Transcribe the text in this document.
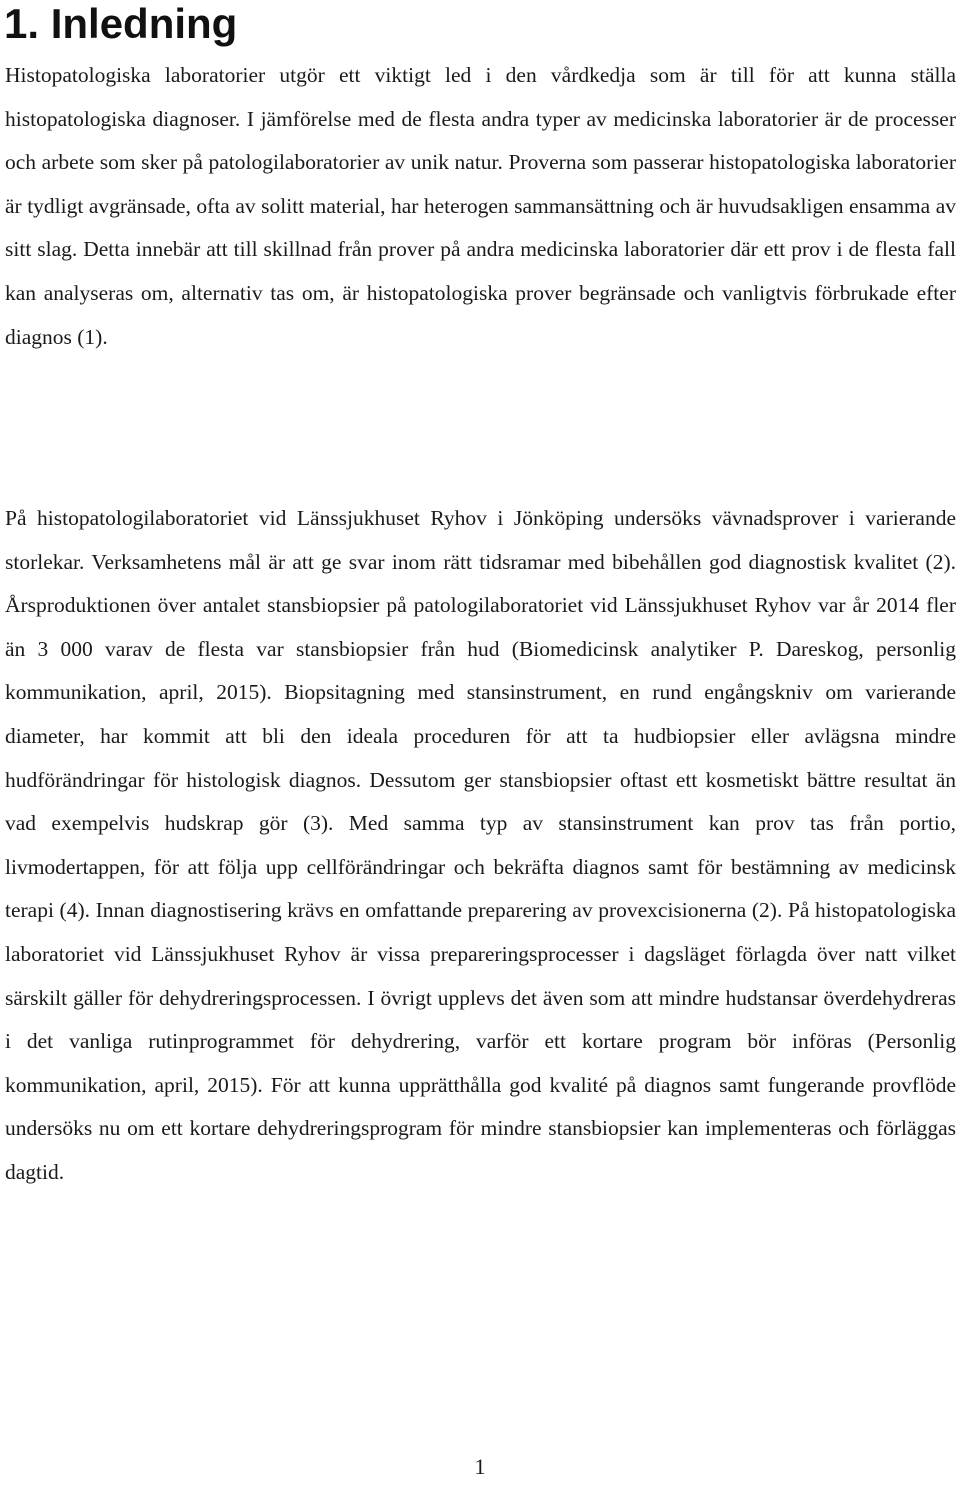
1. Inledning

Histopatologiska laboratorier utgör ett viktigt led i den vårdkedja som är till för att kunna ställa histopatologiska diagnoser. I jämförelse med de flesta andra typer av medicinska laboratorier är de processer och arbete som sker på patologilaboratorier av unik natur. Proverna som passerar histopatologiska laboratorier är tydligt avgränsade, ofta av solitt material, har heterogen sammansättning och är huvudsakligen ensamma av sitt slag. Detta innebär att till skillnad från prover på andra medicinska laboratorier där ett prov i de flesta fall kan analyseras om, alternativ tas om, är histopatologiska prover begränsade och vanligtvis förbrukade efter diagnos (1).

På histopatologilaboratoriet vid Länssjukhuset Ryhov i Jönköping undersöks vävnadsprover i varierande storlekar. Verksamhetens mål är att ge svar inom rätt tidsramar med bibehållen god diagnostisk kvalitet (2). Årsproduktionen över antalet stansbiopsier på patologilaboratoriet vid Länssjukhuset Ryhov var år 2014 fler än 3 000 varav de flesta var stansbiopsier från hud (Biomedicinsk analytiker P. Dareskog, personlig kommunikation, april, 2015). Biopsitagning med stansinstrument, en rund engångskniv om varierande diameter, har kommit att bli den ideala proceduren för att ta hudbiopsier eller avlägsna mindre hudförändringar för histologisk diagnos. Dessutom ger stansbiopsier oftast ett kosmetiskt bättre resultat än vad exempelvis hudskrap gör (3). Med samma typ av stansinstrument kan prov tas från portio, livmodertappen, för att följa upp cellförändringar och bekräfta diagnos samt för bestämning av medicinsk terapi (4). Innan diagnostisering krävs en omfattande preparering av provexcisionerna (2). På histopatologiska laboratoriet vid Länssjukhuset Ryhov är vissa prepareringsprocesser i dagsläget förlagda över natt vilket särskilt gäller för dehydreringsprocessen. I övrigt upplevs det även som att mindre hudstansar överdehydreras i det vanliga rutinprogrammet för dehydrering, varför ett kortare program bör införas (Personlig kommunikation, april, 2015). För att kunna upprätthålla god kvalité på diagnos samt fungerande provflöde undersöks nu om ett kortare dehydreringsprogram för mindre stansbiopsier kan implementeras och förläggas dagtid.

1
